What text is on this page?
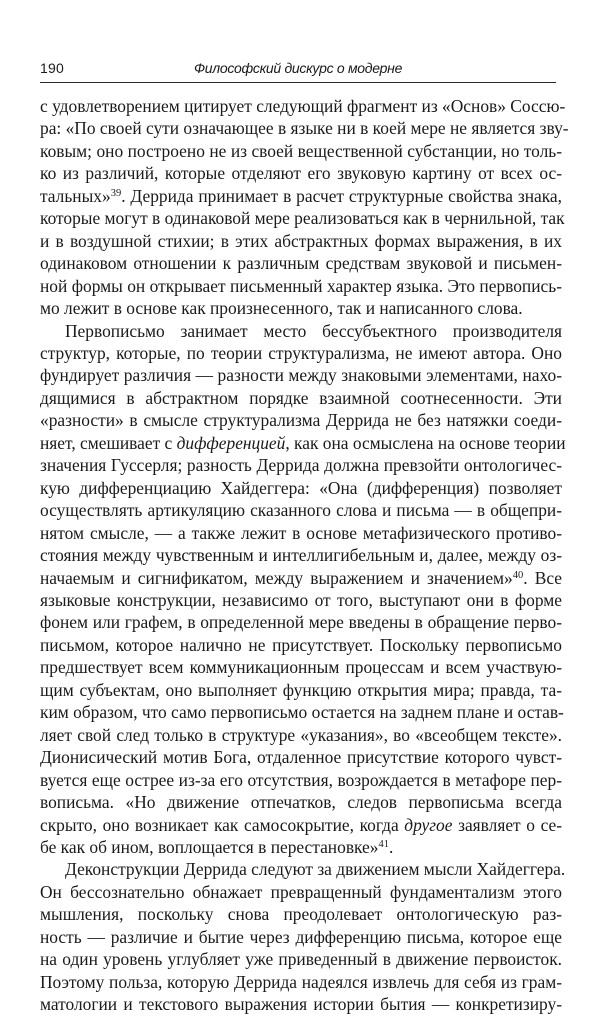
190	Философский дискурс о модерне

с удовлетворением цитирует следующий фрагмент из «Основ» Соссю-
ра: «По своей сути означающее в языке ни в коей мере не является зву-
ковым; оно построено не из своей вещественной субстанции, но толь-
ко из различий, которые отделяют его звуковую картину от всех ос-
тальных»$^{39}$. Деррида принимает в расчет структурные свойства знака,
которые могут в одинаковой мере реализоваться как в чернильной, так
и в воздушной стихии; в этих абстрактных формах выражения, в их
одинаковом отношении к различным средствам звуковой и письмен-
ной формы он открывает письменный характер языка. Это первопись-
мо лежит в основе как произнесенного, так и написанного слова.

Первописьмо занимает место бессубъектного производителя
структур, которые, по теории структурализма, не имеют автора. Оно
фундирует различия — разности между знаковыми элементами, нахо-
дящимися в абстрактном порядке взаимной соотнесенности. Эти
«разности» в смысле структурализма Деррида не без натяжки соеди-
няет, смешивает с дифференцией, как она осмыслена на основе теории
значения Гуссерля; разность Деррида должна превзойти онтологичес-
кую дифференциацию Хайдеггера: «Она (дифференция) позволяет
осуществлять артикуляцию сказанного слова и письма — в общепри-
нятом смысле, — а также лежит в основе метафизического противо-
стояния между чувственным и интеллигибельным и, далее, между оз-
начаемым и сигнификатом, между выражением и значением»$^{40}$. Все
языковые конструкции, независимо от того, выступают они в форме
фонем или графем, в определенной мере введены в обращение перво-
письмом, которое налично не присутствует. Поскольку первописьмо
предшествует всем коммуникационным процессам и всем участвую-
щим субъектам, оно выполняет функцию открытия мира; правда, та-
ким образом, что само первописьмо остается на заднем плане и остав-
ляет свой след только в структуре «указания», во «всеобщем тексте».
Дионисический мотив Бога, отдаленное присутствие которого чувст-
вуется еще острее из-за его отсутствия, возрождается в метафоре пер-
вописьма. «Но движение отпечатков, следов первописьма всегда
скрыто, оно возникает как самосокрытие, когда другое заявляет о се-
бе как об ином, воплощается в перестановке»$^{41}$.

Деконструкции Деррида следуют за движением мысли Хайдеггера.
Он бессознательно обнажает превращенный фундаментализм этого
мышления, поскольку снова преодолевает онтологическую раз-
ность — различие и бытие через дифференцию письма, которое еще
на один уровень углубляет уже приведенный в движение первоисток.
Поэтому польза, которую Деррида надеялся извлечь для себя из грам-
матологии и текстового выражения истории бытия — конкретизиру-
